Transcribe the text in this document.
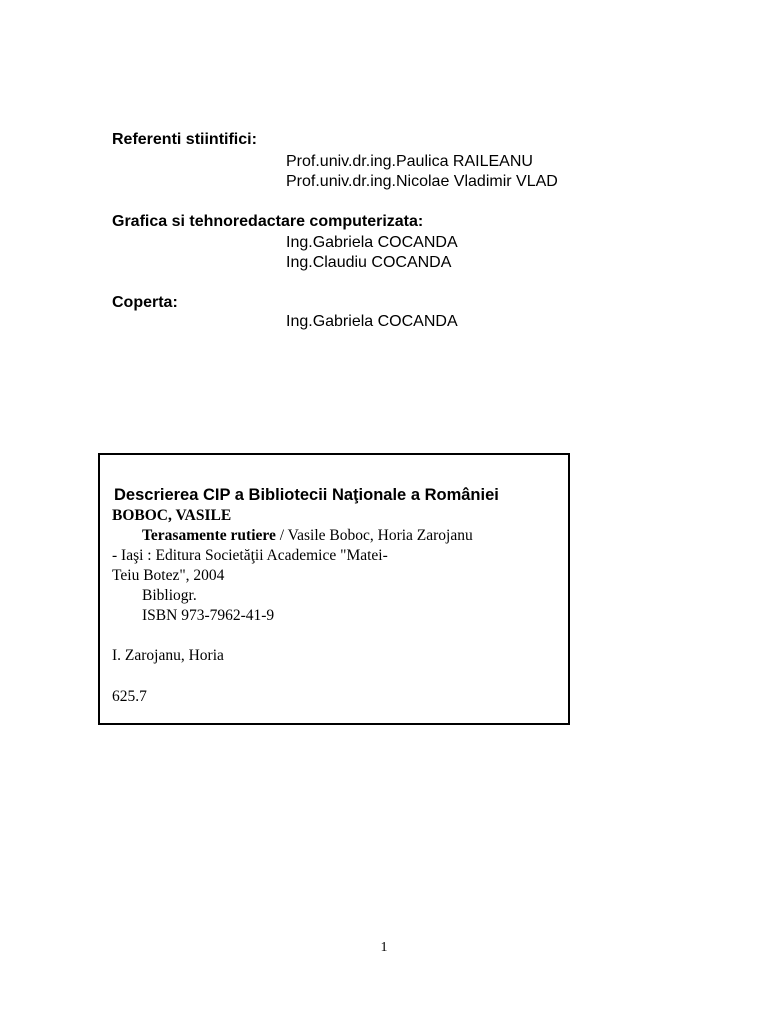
Referenti stiintifici:
Prof.univ.dr.ing.Paulica RAILEANU
Prof.univ.dr.ing.Nicolae Vladimir VLAD
Grafica si tehnoredactare computerizata:
Ing.Gabriela COCANDA
Ing.Claudiu COCANDA
Coperta:
Ing.Gabriela COCANDA
Descrierea CIP a Bibliotecii Naţionale a României
BOBOC, VASILE
Terasamente rutiere / Vasile Boboc, Horia Zarojanu
- Iaşi : Editura Societăţii Academice "Matei-
Teiu Botez", 2004
Bibliogr.
ISBN 973-7962-41-9
I. Zarojanu, Horia
625.7
1
